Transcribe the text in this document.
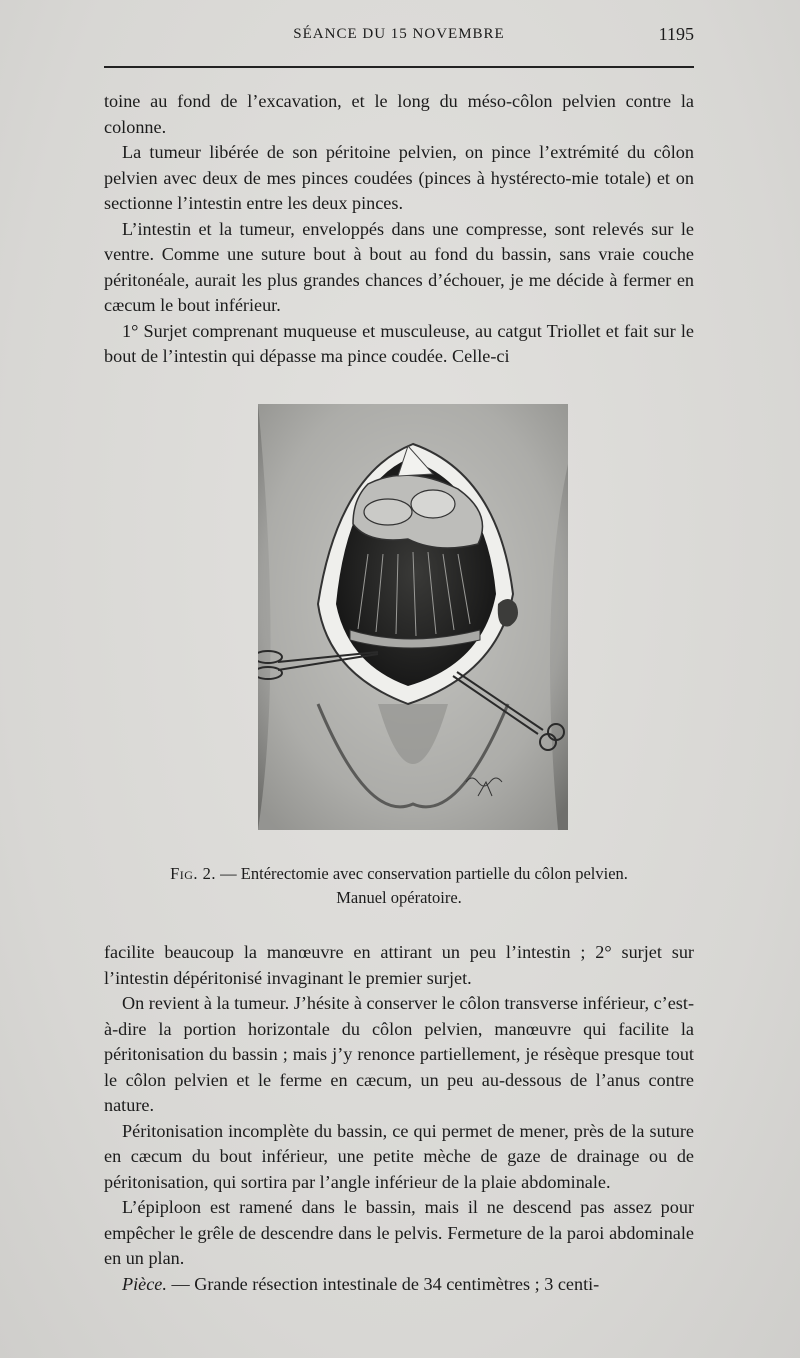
SÉANCE DU 15 NOVEMBRE	1195

toine au fond de l’excavation, et le long du méso-côlon pelvien contre la colonne.

La tumeur libérée de son péritoine pelvien, on pince l’extrémité du côlon pelvien avec deux de mes pinces coudées (pinces à hystérecto-mie totale) et on sectionne l’intestin entre les deux pinces.

L’intestin et la tumeur, enveloppés dans une compresse, sont relevés sur le ventre. Comme une suture bout à bout au fond du bassin, sans vraie couche péritonéale, aurait les plus grandes chances d’échouer, je me décide à fermer en cæcum le bout inférieur.

1° Surjet comprenant muqueuse et musculeuse, au catgut Triollet et fait sur le bout de l’intestin qui dépasse ma pince coudée. Celle-ci

Fig. 2. — Entérectomie avec conservation partielle du côlon pelvien.
Manuel opératoire.

facilite beaucoup la manœuvre en attirant un peu l’intestin ; 2° surjet sur l’intestin dépéritonisé invaginant le premier surjet.

On revient à la tumeur. J’hésite à conserver le côlon transverse inférieur, c’est-à-dire la portion horizontale du côlon pelvien, manœuvre qui facilite la péritonisation du bassin ; mais j’y renonce partiellement, je résèque presque tout le côlon pelvien et le ferme en cæcum, un peu au-dessous de l’anus contre nature.

Péritonisation incomplète du bassin, ce qui permet de mener, près de la suture en cæcum du bout inférieur, une petite mèche de gaze de drainage ou de péritonisation, qui sortira par l’angle inférieur de la plaie abdominale.

L’épiploon est ramené dans le bassin, mais il ne descend pas assez pour empêcher le grêle de descendre dans le pelvis. Fermeture de la paroi abdominale en un plan.

Pièce. — Grande résection intestinale de 34 centimètres ; 3 centi-
